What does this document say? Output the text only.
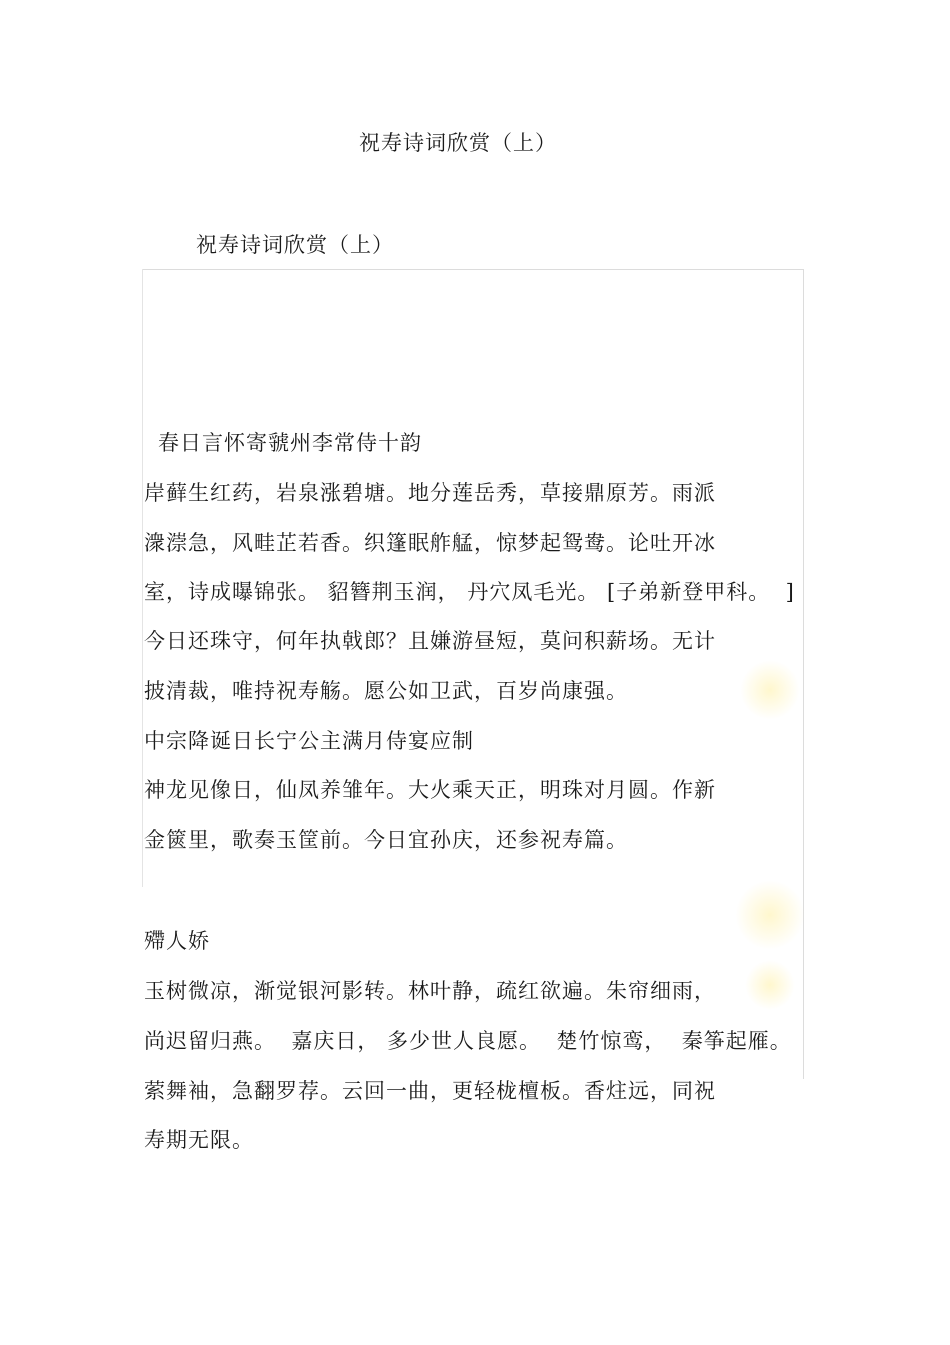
祝寿诗词欣赏（上）
祝寿诗词欣赏（上）
春日言怀寄虢州李常侍十韵
岸藓生红药，岩泉涨碧塘。地分莲岳秀，草接鼎原芳。雨派
潨漴急，风畦芷若香。织篷眠舴艋，惊梦起鸳鸯。论吐开冰
室，诗成曝锦张。 貂簪荆玉润， 丹穴凤毛光。 [子弟新登甲科。  ]
今日还珠守，何年执戟郎？且嫌游昼短，莫问积薪场。无计
披清裁，唯持祝寿觞。愿公如卫武，百岁尚康强。
中宗降诞日长宁公主满月侍宴应制
神龙见像日，仙凤养雏年。大火乘天正，明珠对月圆。作新
金篋里，歌奏玉筐前。今日宜孙庆，还参祝寿篇。
殢人娇
玉树微凉，渐觉银河影转。林叶静，疏红欲遍。朱帘细雨，
尚迟留归燕。  嘉庆日， 多少世人良愿。  楚竹惊鸾，  秦筝起雁。
萦舞袖，急翻罗荐。云回一曲，更轻栊檀板。香炷远，同祝
寿期无限。
